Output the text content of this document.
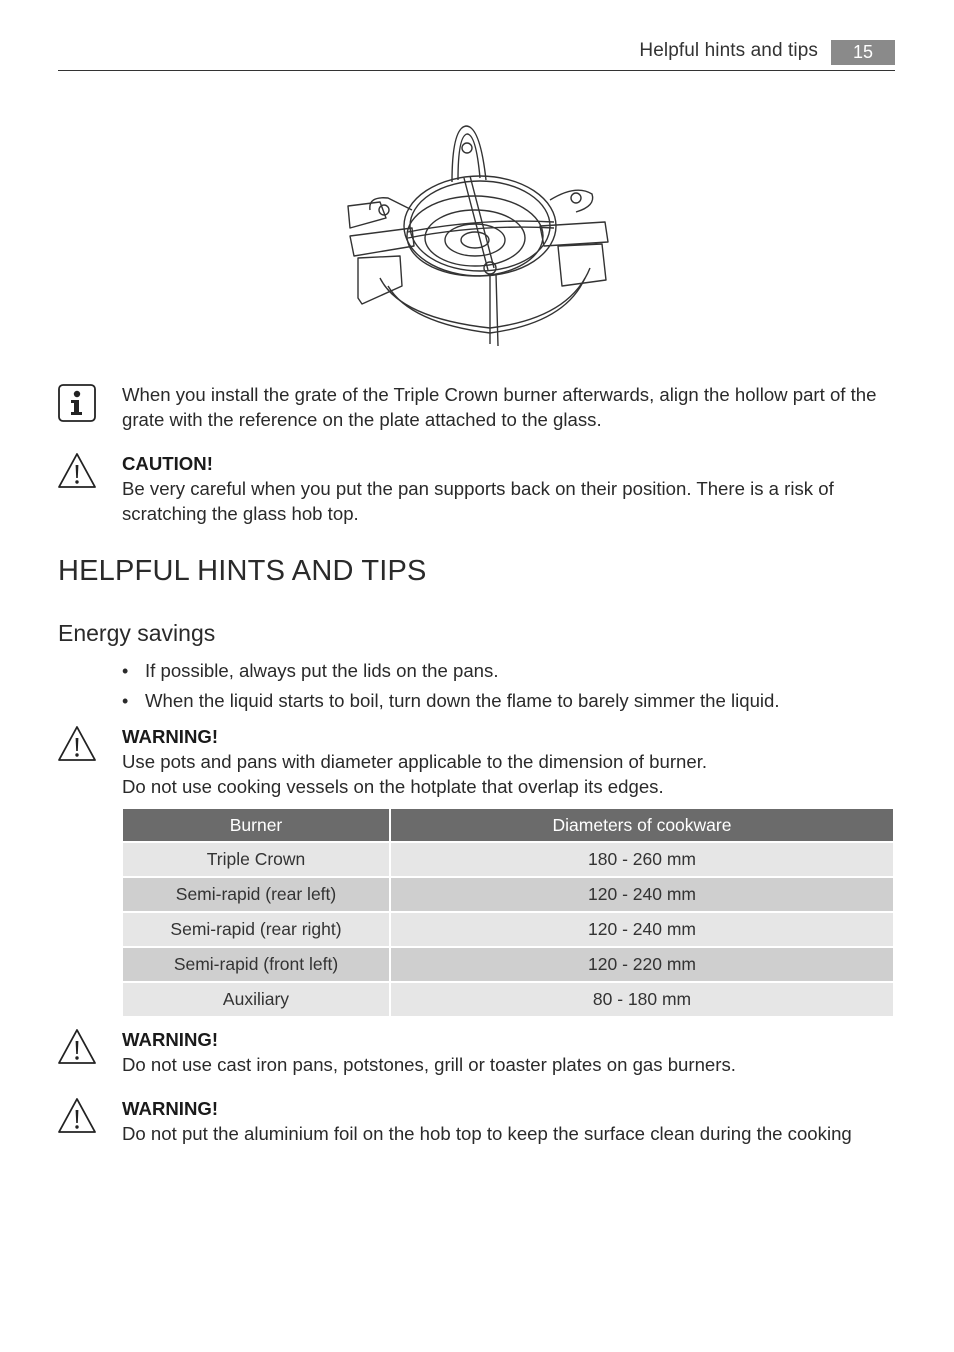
Helpful hints and tips	15
When you install the grate of the Triple Crown burner afterwards, align the hollow part of the grate with the reference on the plate attached to the glass.
CAUTION!
Be very careful when you put the pan supports back on their position. There is a risk of scratching the glass hob top.
HELPFUL HINTS AND TIPS
Energy savings
• If possible, always put the lids on the pans.
• When the liquid starts to boil, turn down the flame to barely simmer the liquid.
WARNING!
Use pots and pans with diameter applicable to the dimension of burner.
Do not use cooking vessels on the hotplate that overlap its edges.
Burner	Diameters of cookware
Triple Crown	180 - 260 mm
Semi-rapid (rear left)	120 - 240 mm
Semi-rapid (rear right)	120 - 240 mm
Semi-rapid (front left)	120 - 220 mm
Auxiliary	80 - 180 mm
WARNING!
Do not use cast iron pans, potstones, grill or toaster plates on gas burners.
WARNING!
Do not put the aluminium foil on the hob top to keep the surface clean during the cooking
